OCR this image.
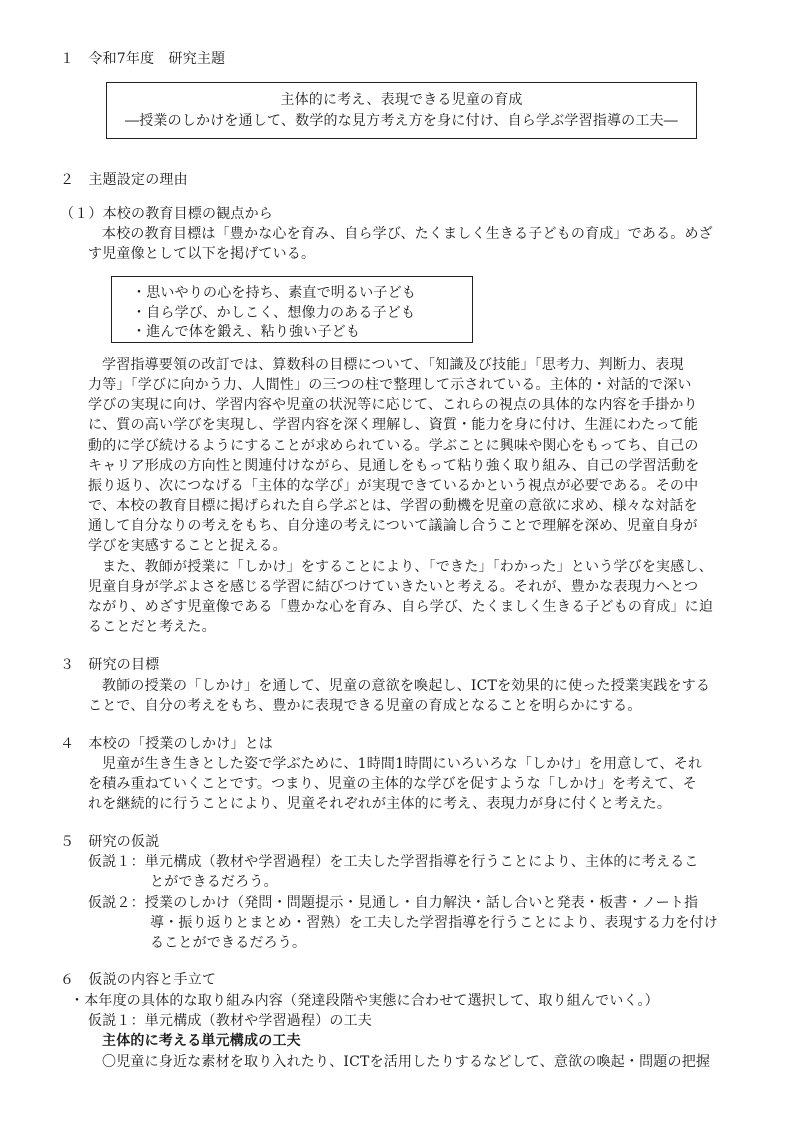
１　令和7年度　研究主題
主体的に考え、表現できる児童の育成
―授業のしかけを通して、数学的な見方考え方を身に付け、自ら学ぶ学習指導の工夫―
２　主題設定の理由
（１）本校の教育目標の観点から
本校の教育目標は「豊かな心を育み、自ら学び、たくましく生きる子どもの育成」である。めざ
す児童像として以下を掲げている。
・思いやりの心を持ち、素直で明るい子ども
・自ら学び、かしこく、想像力のある子ども
・進んで体を鍛え、粘り強い子ども
学習指導要領の改訂では、算数科の目標について、「知識及び技能」「思考力、判断力、表現
力等」「学びに向かう力、人間性」の三つの柱で整理して示されている。主体的・対話的で深い
学びの実現に向け、学習内容や児童の状況等に応じて、これらの視点の具体的な内容を手掛かり
に、質の高い学びを実現し、学習内容を深く理解し、資質・能力を身に付け、生涯にわたって能
動的に学び続けるようにすることが求められている。学ぶことに興味や関心をもってち、自己の
キャリア形成の方向性と関連付けながら、見通しをもって粘り強く取り組み、自己の学習活動を
振り返り、次につなげる「主体的な学び」が実現できているかという視点が必要である。その中
で、本校の教育目標に掲げられた自ら学ぶとは、学習の動機を児童の意欲に求め、様々な対話を
通して自分なりの考えをもち、自分達の考えについて議論し合うことで理解を深め、児童自身が
学びを実感することと捉える。
また、教師が授業に「しかけ」をすることにより、「できた」「わかった」という学びを実感し、
児童自身が学ぶよさを感じる学習に結びつけていきたいと考える。それが、豊かな表現力へとつ
ながり、めざす児童像である「豊かな心を育み、自ら学び、たくましく生きる子どもの育成」に迫
ることだと考えた。
３　研究の目標
教師の授業の「しかけ」を通して、児童の意欲を喚起し、ICTを効果的に使った授業実践をする
ことで、自分の考えをもち、豊かに表現できる児童の育成となることを明らかにする。
４　本校の「授業のしかけ」とは
児童が生き生きとした姿で学ぶために、1時間1時間にいろいろな「しかけ」を用意して、それ
を積み重ねていくことです。つまり、児童の主体的な学びを促すような「しかけ」を考えて、そ
れを継続的に行うことにより、児童それぞれが主体的に考え、表現力が身に付くと考えた。
５　研究の仮説
仮説１：単元構成（教材や学習過程）を工夫した学習指導を行うことにより、主体的に考えるこ
とができるだろう。
仮説２：授業のしかけ（発問・問題提示・見通し・自力解決・話し合いと発表・板書・ノート指
導・振り返りとまとめ・習熟）を工夫した学習指導を行うことにより、表現する力を付け
ることができるだろう。
６　仮説の内容と手立て
・本年度の具体的な取り組み内容（発達段階や実態に合わせて選択して、取り組んでいく。）
仮説１：単元構成（教材や学習過程）の工夫
主体的に考える単元構成の工夫
〇児童に身近な素材を取り入れたり、ICTを活用したりするなどして、意欲の喚起・問題の把握
